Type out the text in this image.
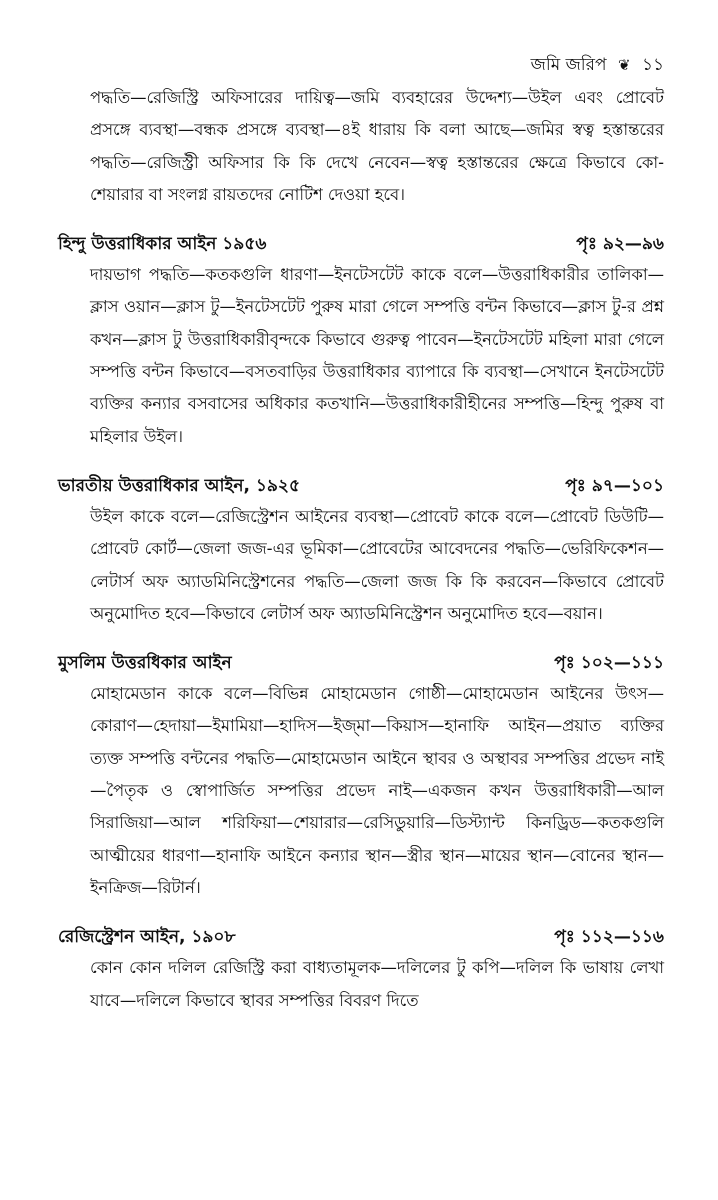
জমি জরিপ ❦ ১১

পদ্ধতি—রেজিস্ট্রি অফিসারের দায়িত্ব—জমি ব্যবহারের উদ্দেশ্য—উইল এবং প্রোবেট প্রসঙ্গে ব্যবস্থা—বন্ধক প্রসঙ্গে ব্যবস্থা—৪ই ধারায় কি বলা আছে—জমির স্বত্ব হস্তান্তরের পদ্ধতি—রেজিস্ট্রী অফিসার কি কি দেখে নেবেন—স্বত্ব হস্তান্তরের ক্ষেত্রে কিভাবে কো-শেয়ারার বা সংলগ্ন রায়তদের নোটিশ দেওয়া হবে।

হিন্দু উত্তরাধিকার আইন ১৯৫৬	পৃঃ ৯২—৯৬

দায়ভাগ পদ্ধতি—কতকগুলি ধারণা—ইনটেসটেট কাকে বলে—উত্তরাধিকারীর তালিকা—ক্লাস ওয়ান—ক্লাস টু—ইনটেসটেট পুরুষ মারা গেলে সম্পত্তি বন্টন কিভাবে—ক্লাস টু-র প্রশ্ন কখন—ক্লাস টু উত্তরাধিকারীবৃন্দকে কিভাবে গুরুত্ব পাবেন—ইনটেসটেট মহিলা মারা গেলে সম্পত্তি বন্টন কিভাবে—বসতবাড়ির উত্তরাধিকার ব্যাপারে কি ব্যবস্থা—সেখানে ইনটেসটেট ব্যক্তির কন্যার বসবাসের অধিকার কতখানি—উত্তরাধিকারীহীনের সম্পত্তি—হিন্দু পুরুষ বা মহিলার উইল।

ভারতীয় উত্তরাধিকার আইন, ১৯২৫	পৃঃ ৯৭—১০১

উইল কাকে বলে—রেজিস্ট্রেশন আইনের ব্যবস্থা—প্রোবেট কাকে বলে—প্রোবেট ডিউটি—প্রোবেট কোর্ট—জেলা জজ-এর ভূমিকা—প্রোবেটের আবেদনের পদ্ধতি—ভেরিফিকেশন—লেটার্স অফ অ্যাডমিনিস্ট্রেশনের পদ্ধতি—জেলা জজ কি কি করবেন—কিভাবে প্রোবেট অনুমোদিত হবে—কিভাবে লেটার্স অফ অ্যাডমিনিস্ট্রেশন অনুমোদিত হবে—বয়ান।

মুসলিম উত্তরধিকার আইন	পৃঃ ১০২—১১১

মোহামেডান কাকে বলে—বিভিন্ন মোহামেডান গোষ্ঠী—মোহামেডান আইনের উৎস—কোরাণ—হেদায়া—ইমামিয়া—হাদিস—ইজ্মা—কিয়াস—হানাফি আইন—প্রয়াত ব্যক্তির ত্যক্ত সম্পত্তি বন্টনের পদ্ধতি—মোহামেডান আইনে স্থাবর ও অস্থাবর সম্পত্তির প্রভেদ নাই—পৈতৃক ও স্বোপার্জিত সম্পত্তির প্রভেদ নাই—একজন কখন উত্তরাধিকারী—আল সিরাজিয়া—আল শরিফিয়া—শেয়ারার—রেসিডুয়ারি—ডিস্ট্যান্ট কিনড্রিড—কতকগুলি আত্মীয়ের ধারণা—হানাফি আইনে কন্যার স্থান—স্ত্রীর স্থান—মায়ের স্থান—বোনের স্থান—ইনক্রিজ—রিটার্ন।

রেজিস্ট্রেশন আইন, ১৯০৮	পৃঃ ১১২—১১৬

কোন কোন দলিল রেজিস্ট্রি করা বাধ্যতামূলক—দলিলের টু কপি—দলিল কি ভাষায় লেখা যাবে—দলিলে কিভাবে স্থাবর সম্পত্তির বিবরণ দিতে
